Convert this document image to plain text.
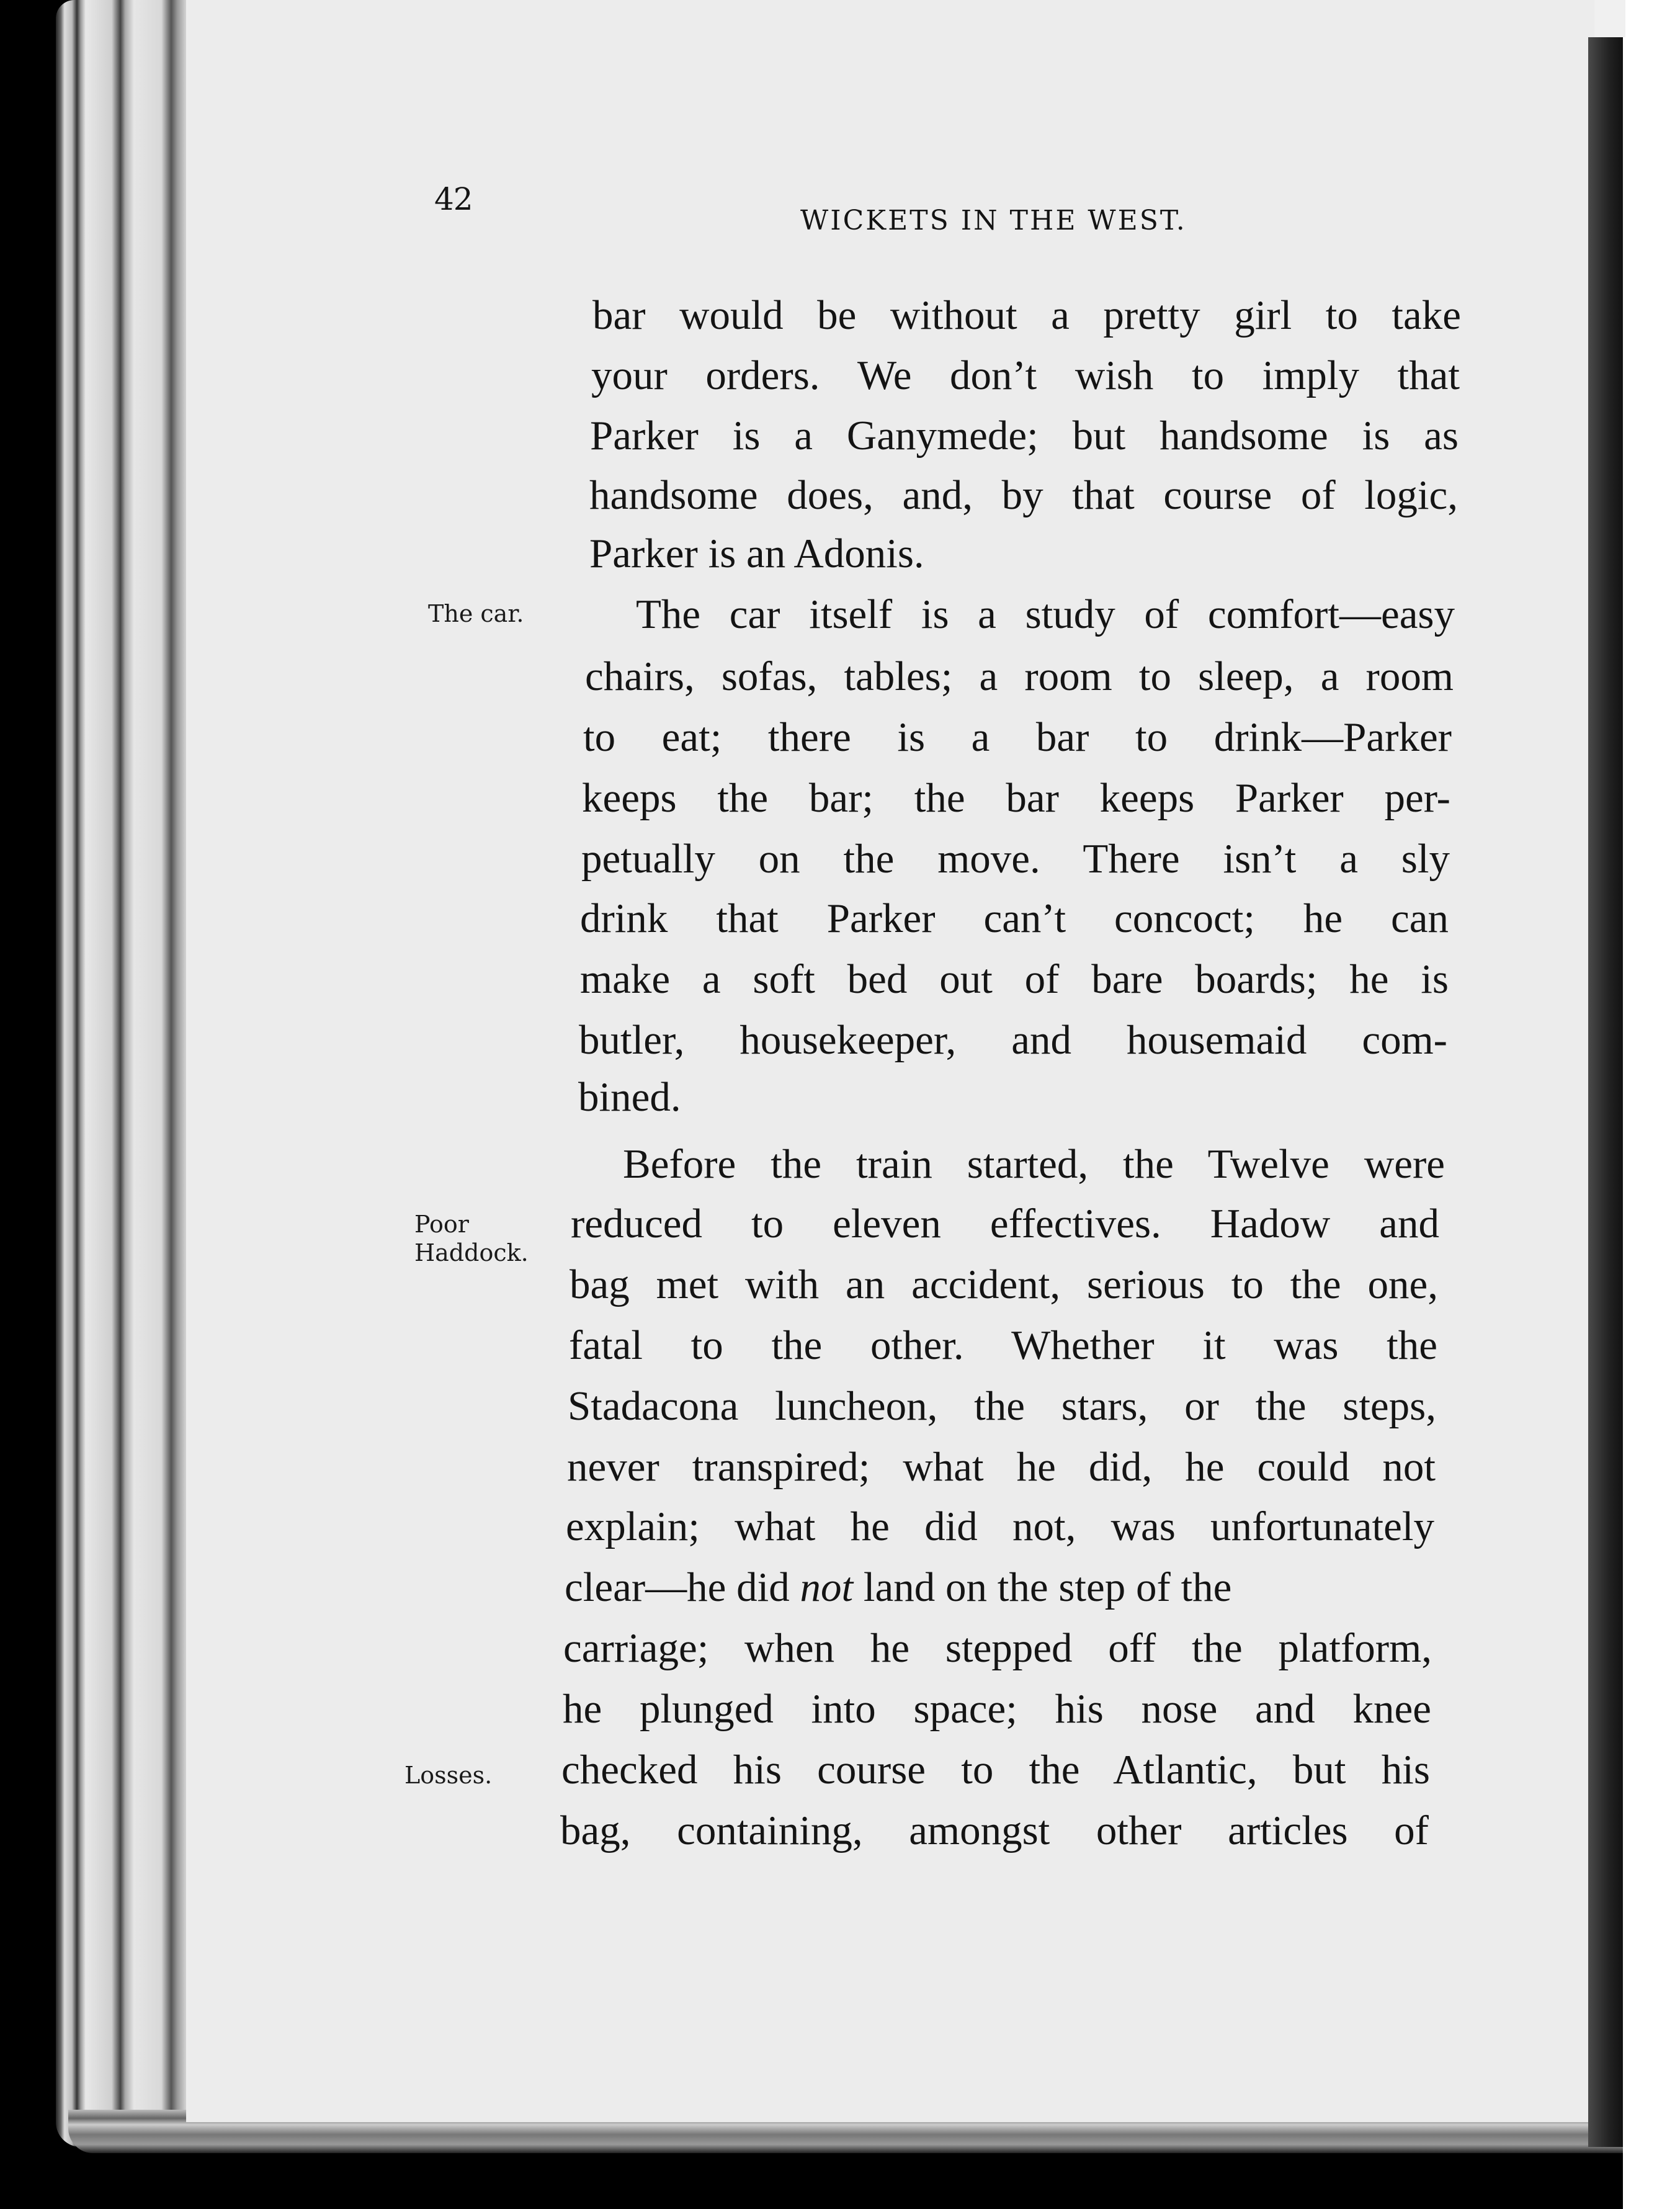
42
WICKETS IN THE WEST.
The car.
Poor
Haddock.
Losses.
bar would be without a pretty girl to take
your orders. We don’t wish to imply that
Parker is a Ganymede; but handsome is as
handsome does, and, by that course of logic,
Parker is an Adonis.
The car itself is a study of comfort—easy
chairs, sofas, tables; a room to sleep, a room
to eat; there is a bar to drink—Parker
keeps the bar; the bar keeps Parker per-
petually on the move. There isn’t a sly
drink that Parker can’t concoct; he can
make a soft bed out of bare boards; he is
butler, housekeeper, and housemaid com-
bined.
Before the train started, the Twelve were
reduced to eleven effectives. Hadow and
bag met with an accident, serious to the one,
fatal to the other. Whether it was the
Stadacona luncheon, the stars, or the steps,
never transpired; what he did, he could not
explain; what he did not, was unfortunately
clear—he did not land on the step of the
carriage; when he stepped off the platform,
he plunged into space; his nose and knee
checked his course to the Atlantic, but his
bag, containing, amongst other articles of
